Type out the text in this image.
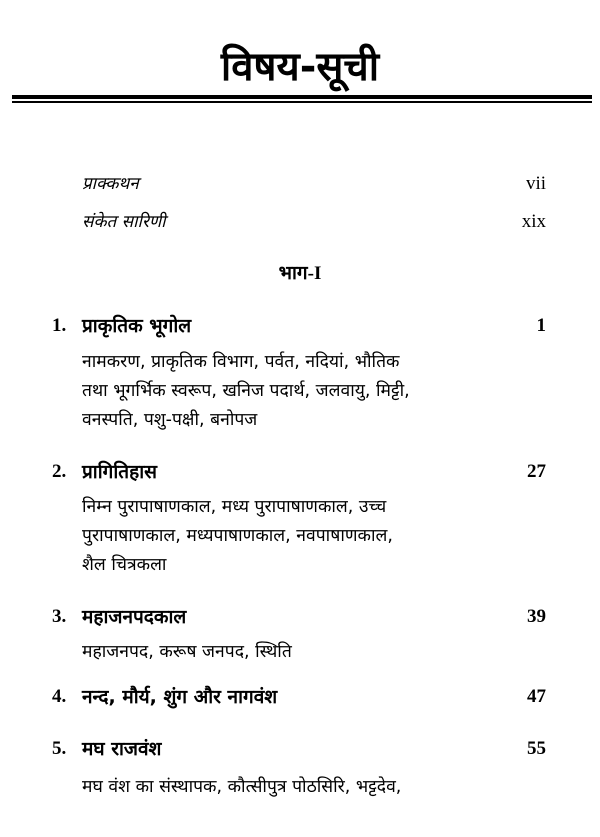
विषय-सूची
प्राक्कथन	vii
संकेत सारिणी	xix
भाग-I
1. प्राकृतिक भूगोल	1
नामकरण, प्राकृतिक विभाग, पर्वत, नदियां, भौतिक
तथा भूगर्भिक स्वरूप, खनिज पदार्थ, जलवायु, मिट्टी,
वनस्पति, पशु-पक्षी, बनोपज
2. प्रागितिहास	27
निम्न पुरापाषाणकाल, मध्य पुरापाषाणकाल, उच्च
पुरापाषाणकाल, मध्यपाषाणकाल, नवपाषाणकाल,
शैल चित्रकला
3. महाजनपदकाल	39
महाजनपद, करूष जनपद, स्थिति
4. नन्द, मौर्य, शुंग और नागवंश	47
5. मघ राजवंश	55
मघ वंश का संस्थापक, कौत्सीपुत्र पोठसिरि, भट्टदेव,
